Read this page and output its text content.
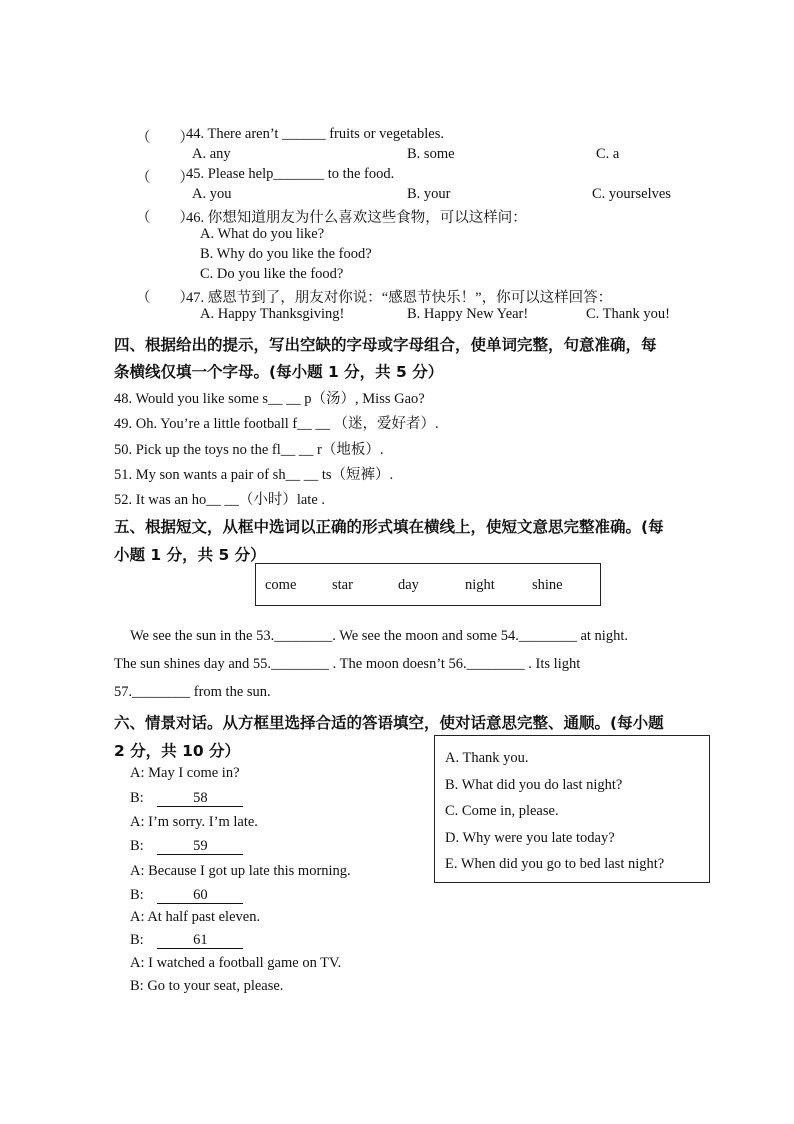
（　　）
44. There aren’t ______ fruits or vegetables.
A. any	B. some	C. a
（　　）
45. Please help_______ to the food.
A. you	B. your	C. yourselves
（　　）
46. 你想知道朋友为什么喜欢这些食物，可以这样问：
A. What do you like?
B. Why do you like the food?
C. Do you like the food?
（　　）
47. 感恩节到了，朋友对你说：“感恩节快乐！”，你可以这样回答：
A. Happy Thanksgiving!	B. Happy New Year!	C. Thank you!
四、根据给出的提示，写出空缺的字母或字母组合，使单词完整，句意准确，每
条横线仅填一个字母。(每小题 1 分，共 5 分）
48. Would you like some s__ __ p（汤）, Miss Gao?
49. Oh. You’re a little football f__ __ （迷，爱好者）.
50. Pick up the toys no the fl__ __ r（地板）.
51. My son wants a pair of sh__ __ ts（短裤）.
52. It was an ho__ __（小时）late .
五、根据短文，从框中选词以正确的形式填在横线上，使短文意思完整准确。(每
小题 1 分，共 5 分）
come star	day	night	shine
We see the sun in the 53.________. We see the moon and some 54.________ at night.
The sun shines day and 55.________ . The moon doesn’t 56.________ . Its light
57.________ from the sun.
六、情景对话。从方框里选择合适的答语填空，使对话意思完整、通顺。(每小题
2 分，共 10 分）	A. Thank you.
B. What did you do last night?
C. Come in, please.
D. Why were you late today?
E. When did you go to bed last night?
A: May I come in?
B:	58
A: I’m sorry. I’m late.
B:	59
A: Because I got up late this morning.
B:	60
A: At half past eleven.
B:	61
A: I watched a football game on TV.
B: Go to your seat, please.
